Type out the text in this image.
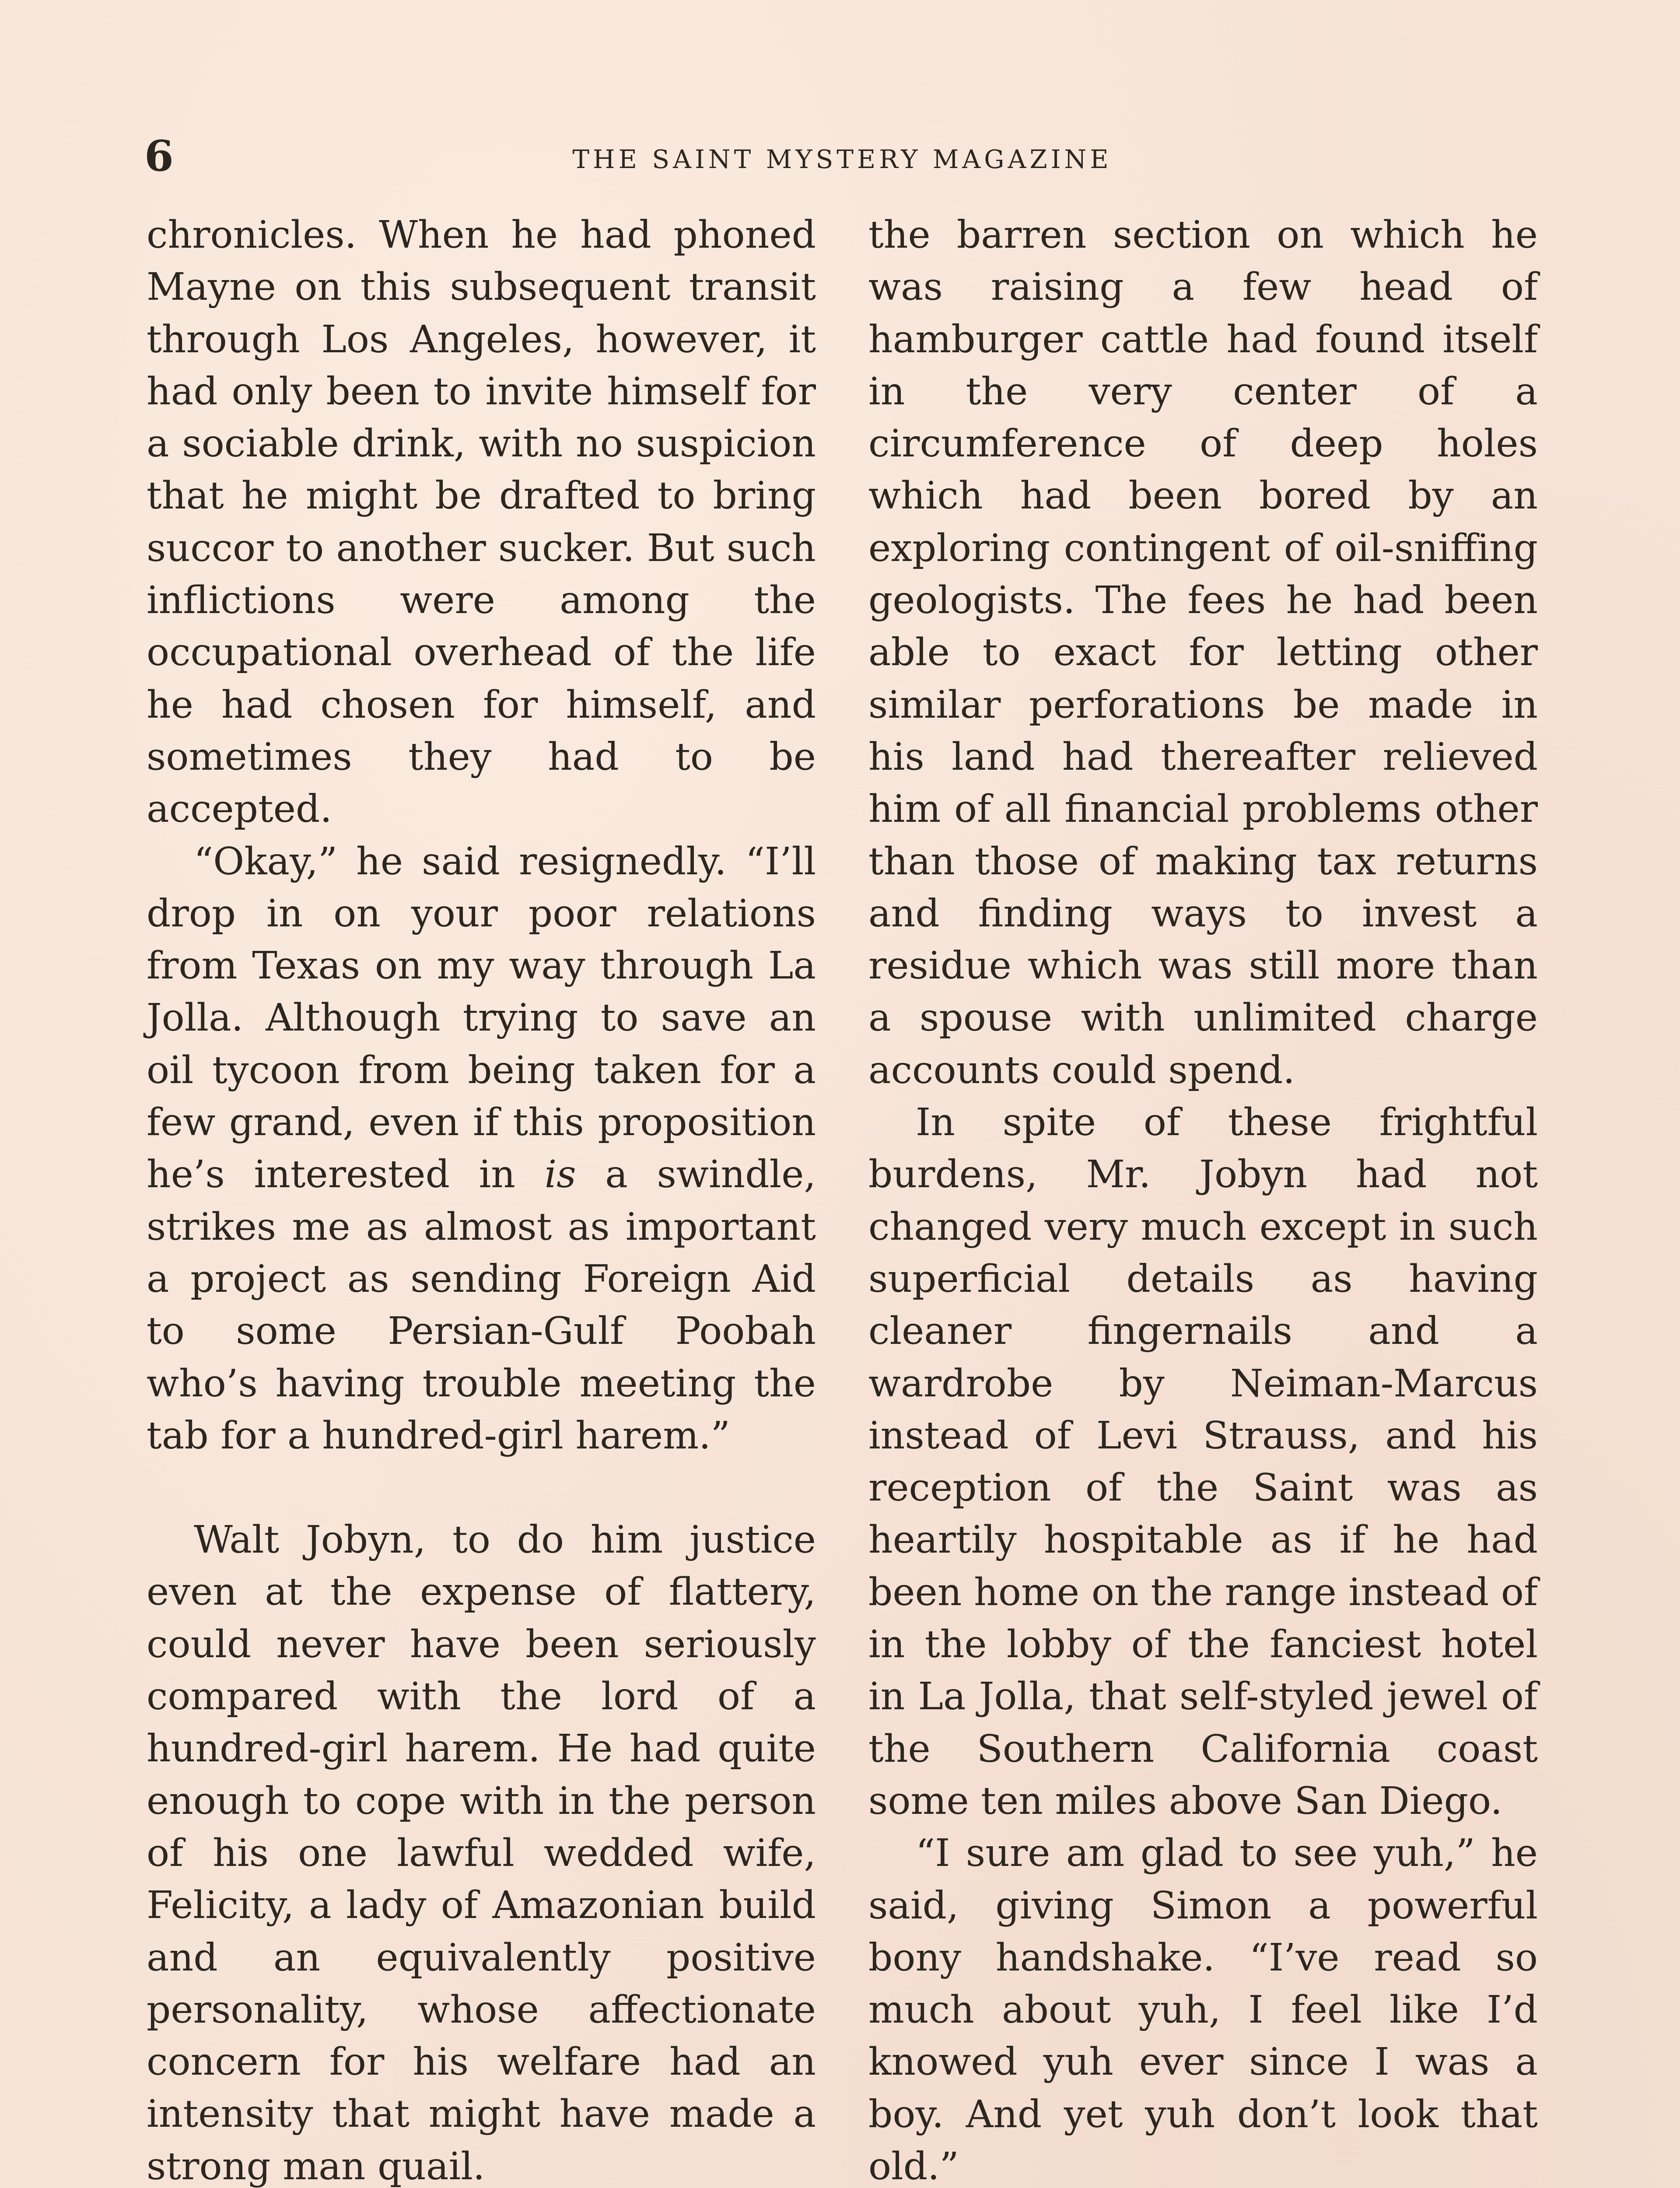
6	THE SAINT MYSTERY MAGAZINE

chronicles. When he had phoned Mayne on this subsequent transit through Los Angeles, however, it had only been to invite himself for a sociable drink, with no suspicion that he might be drafted to bring succor to another sucker. But such inflictions were among the occupational overhead of the life he had chosen for himself, and sometimes they had to be accepted.

“Okay,” he said resignedly. “I’ll drop in on your poor relations from Texas on my way through La Jolla. Although trying to save an oil tycoon from being taken for a few grand, even if this proposition he’s interested in is a swindle, strikes me as almost as important a project as sending Foreign Aid to some Persian-Gulf Poobah who’s having trouble meeting the tab for a hundred-girl harem.”

Walt Jobyn, to do him justice even at the expense of flattery, could never have been seriously compared with the lord of a hundred-girl harem. He had quite enough to cope with in the person of his one lawful wedded wife, Felicity, a lady of Amazonian build and an equivalently positive personality, whose affectionate concern for his welfare had an intensity that might have made a strong man quail.

the barren section on which he was raising a few head of hamburger cattle had found itself in the very center of a circumference of deep holes which had been bored by an exploring contingent of oil-sniffing geologists. The fees he had been able to exact for letting other similar perforations be made in his land had thereafter relieved him of all financial problems other than those of making tax returns and finding ways to invest a residue which was still more than a spouse with unlimited charge accounts could spend.

In spite of these frightful burdens, Mr. Jobyn had not changed very much except in such superficial details as having cleaner fingernails and a wardrobe by Neiman-Marcus instead of Levi Strauss, and his reception of the Saint was as heartily hospitable as if he had been home on the range instead of in the lobby of the fanciest hotel in La Jolla, that self-styled jewel of the Southern California coast some ten miles above San Diego.

“I sure am glad to see yuh,” he said, giving Simon a powerful bony handshake. “I’ve read so much about yuh, I feel like I’d knowed yuh ever since I was a boy. And yet yuh don’t look that old.”
